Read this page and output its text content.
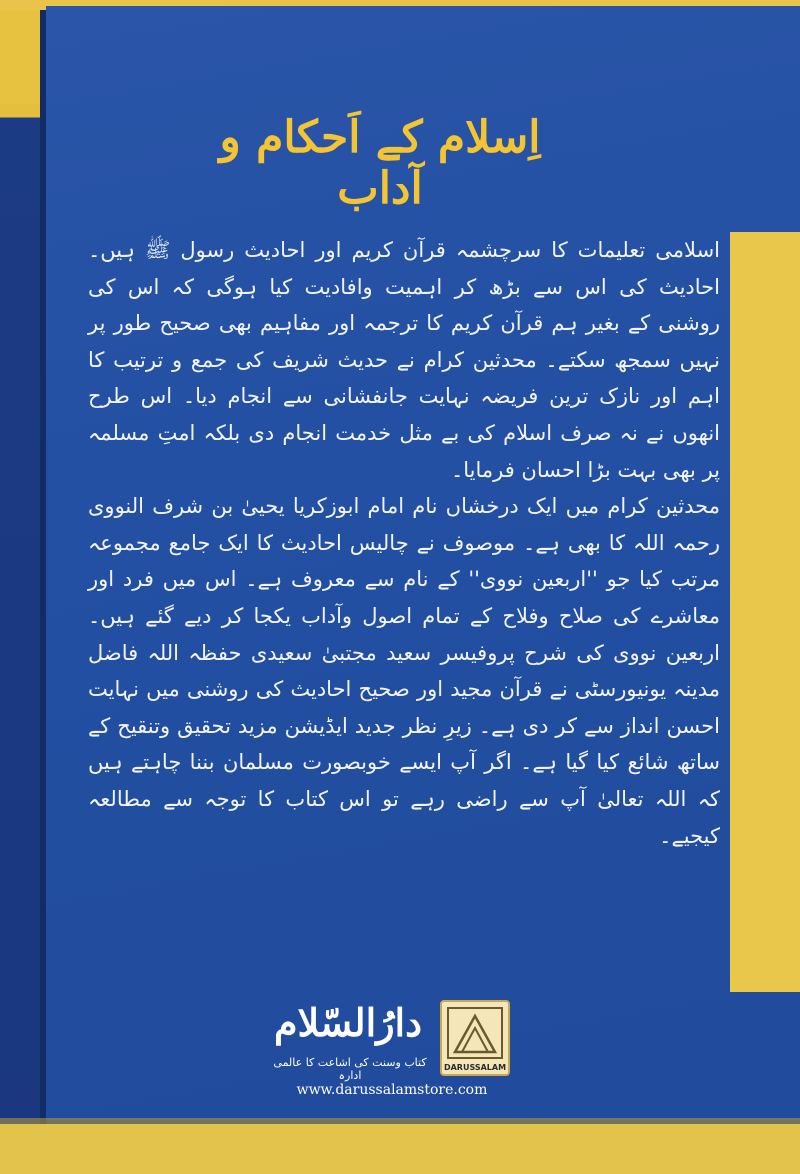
اِسلام کے اَحکام و آداب

اسلامی تعلیمات کا سرچشمہ قرآن کریم اور احادیث رسول ﷺ ہیں۔ احادیث کی اس سے بڑھ کر اہمیت وافادیت کیا ہوگی کہ اس کی روشنی کے بغیر ہم قرآن کریم کا ترجمہ اور مفاہیم بھی صحیح طور پر نہیں سمجھ سکتے۔ محدثین کرام نے حدیث شریف کی جمع و ترتیب کا اہم اور نازک ترین فریضہ نہایت جانفشانی سے انجام دیا۔ اس طرح انھوں نے نہ صرف اسلام کی بے مثل خدمت انجام دی بلکہ امتِ مسلمہ پر بھی بہت بڑا احسان فرمایا۔

محدثین کرام میں ایک درخشاں نام امام ابوزکریا یحییٰ بن شرف النووی رحمہ اللہ کا بھی ہے۔ موصوف نے چالیس احادیث کا ایک جامع مجموعہ مرتب کیا جو ''اربعین نووی'' کے نام سے معروف ہے۔ اس میں فرد اور معاشرے کی صلاح وفلاح کے تمام اصول وآداب یکجا کر دیے گئے ہیں۔ اربعین نووی کی شرح پروفیسر سعید مجتبیٰ سعیدی حفظہ اللہ فاضل مدینہ یونیورسٹی نے قرآن مجید اور صحیح احادیث کی روشنی میں نہایت احسن انداز سے کر دی ہے۔ زیرِ نظر جدید ایڈیشن مزید تحقیق وتنقیح کے ساتھ شائع کیا گیا ہے۔ اگر آپ ایسے خوبصورت مسلمان بننا چاہتے ہیں کہ اللہ تعالیٰ آپ سے راضی رہے تو اس کتاب کا توجہ سے مطالعہ کیجیے۔

DARUSSALAM
دارُالسّلام
کتاب وسنت کی اشاعت کا عالمی ادارہ
www.darussalamstore.com
